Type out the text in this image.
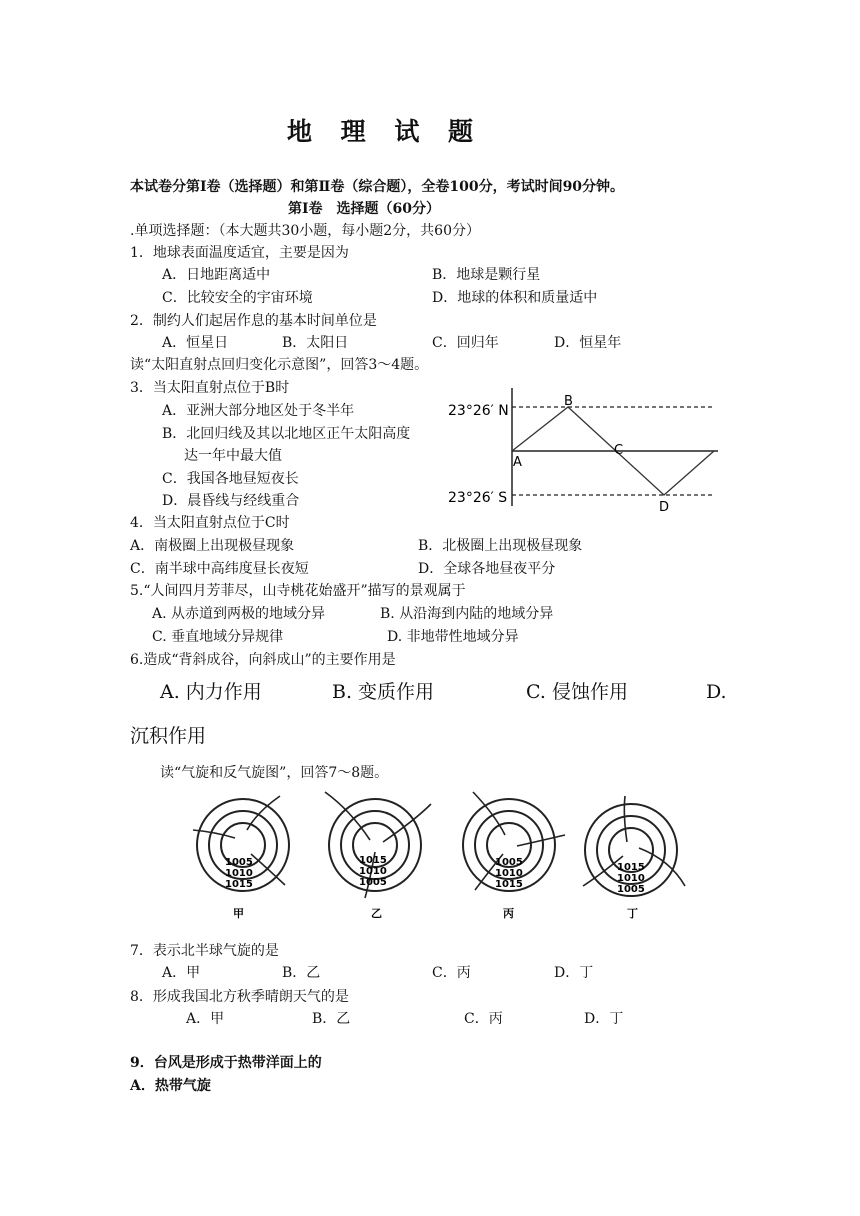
地 理 试 题
本试卷分第Ⅰ卷（选择题）和第Ⅱ卷（综合题），全卷100分，考试时间90分钟。
第Ⅰ卷　选择题（60分）
.单项选择题：（本大题共30小题，每小题2分，共60分）
1．地球表面温度适宜，主要是因为
A．日地距离适中	B．地球是颗行星
C．比较安全的宇宙环境	D．地球的体积和质量适中
2．制约人们起居作息的基本时间单位是
A．恒星日	B．太阳日	C．回归年	D．恒星年
读“太阳直射点回归变化示意图”，回答3～4题。
3．当太阳直射点位于B时
A．亚洲大部分地区处于冬半年
B．北回归线及其以北地区正午太阳高度
达一年中最大值
C．我国各地昼短夜长
D．晨昏线与经线重合
23°26′ N
23°26′ S
A
B
C
D
4．当太阳直射点位于C时
A．南极圈上出现极昼现象	B．北极圈上出现极昼现象
C．南半球中高纬度昼长夜短	D．全球各地昼夜平分
5.“人间四月芳菲尽，山寺桃花始盛开”描写的景观属于
A. 从赤道到两极的地域分异	B. 从沿海到内陆的地域分异
C. 垂直地域分异规律	D. 非地带性地域分异
6.造成“背斜成谷，向斜成山”的主要作用是
A. 内力作用	B. 变质作用	C. 侵蚀作用	D.
沉积作用
读“气旋和反气旋图”，回答7～8题。
1005
1010
1015
甲
1015
1010
1005
乙
1005
1010
1015
丙
1015
1010
1005
丁
7．表示北半球气旋的是
A．甲	B．乙	C．丙	D．丁
8．形成我国北方秋季晴朗天气的是
A．甲	B．乙	C．丙	D．丁
9．台风是形成于热带洋面上的
A．热带气旋
